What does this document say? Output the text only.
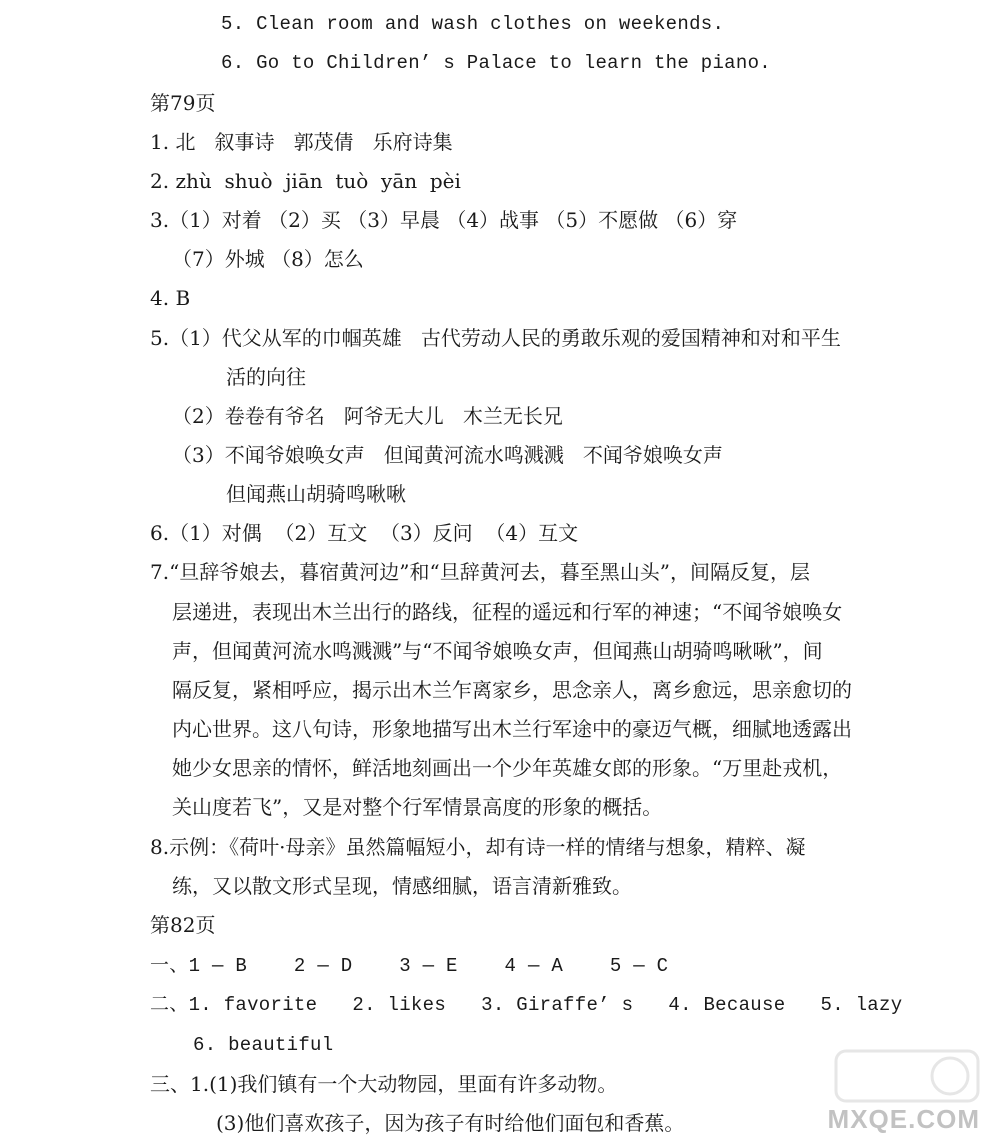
5. Clean room and wash clothes on weekends.
6. Go to Children’ s Palace to learn the piano.
第79页
1. 北   叙事诗   郭茂倩   乐府诗集
2. zhù  shuò  jiān  tuò  yān  pèi
3.（1）对着 （2）买 （3）早晨 （4）战事 （5）不愿做 （6）穿
（7）外城 （8）怎么
4. B
5.（1）代父从军的巾帼英雄   古代劳动人民的勇敢乐观的爱国精神和对和平生
活的向往
（2）卷卷有爷名   阿爷无大儿   木兰无长兄
（3）不闻爷娘唤女声   但闻黄河流水鸣溅溅   不闻爷娘唤女声
但闻燕山胡骑鸣啾啾
6.（1）对偶  （2）互文  （3）反问  （4）互文
7.“旦辞爷娘去，暮宿黄河边”和“旦辞黄河去，暮至黑山头”，间隔反复，层
层递进，表现出木兰出行的路线，征程的遥远和行军的神速；“不闻爷娘唤女
声，但闻黄河流水鸣溅溅”与“不闻爷娘唤女声，但闻燕山胡骑鸣啾啾”，间
隔反复，紧相呼应，揭示出木兰乍离家乡，思念亲人，离乡愈远，思亲愈切的
内心世界。这八句诗，形象地描写出木兰行军途中的豪迈气概，细腻地透露出
她少女思亲的情怀，鲜活地刻画出一个少年英雄女郎的形象。“万里赴戎机，
关山度若飞”，又是对整个行军情景高度的形象的概括。
8.示例：《荷叶·母亲》虽然篇幅短小，却有诗一样的情绪与想象，精粹、凝
练，又以散文形式呈现，情感细腻，语言清新雅致。
第82页
一、1 — B    2 — D    3 — E    4 — A    5 — C
二、1. favorite   2. likes   3. Giraffe’ s   4. Because   5. lazy
6. beautiful
三、1.(1)我们镇有一个大动物园，里面有许多动物。
(3)他们喜欢孩子，因为孩子有时给他们面包和香蕉。	MXQE.COM
